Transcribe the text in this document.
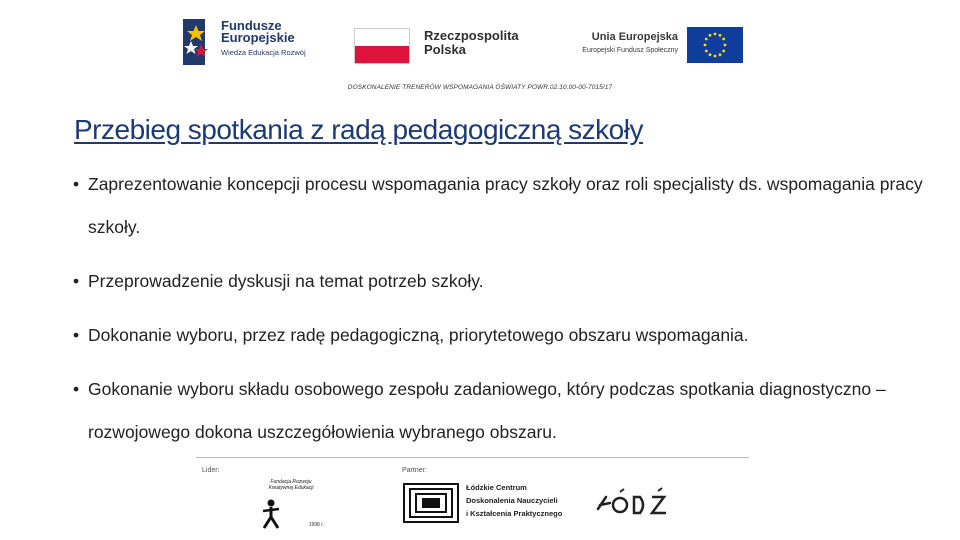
Fundusze
Europejskie
Wiedza Edukacja Rozwój
Rzeczpospolita
Polska
Unia Europejska
Europejski Fundusz Społeczny
DOSKONALENIE TRENERÓW WSPOMAGANIA OŚWIATY POWR.02.10.00-00-7015/17
Przebieg spotkania z radą pedagogiczną szkoły
• Zaprezentowanie koncepcji procesu wspomagania pracy szkoły oraz roli specjalisty ds. wspomagania pracy szkoły.
• Przeprowadzenie dyskusji na temat potrzeb szkoły.
• Dokonanie wyboru, przez radę pedagogiczną, priorytetowego obszaru wspomagania.
• Gokonanie wyboru składu osobowego zespołu zadaniowego, który podczas spotkania diagnostyczno – rozwojowego dokona uszczegółowienia wybranego obszaru.
Lider:	Partner:
Fundacja Rozwoju Kreatywnej Edukacji
1998 r.
Łódzkie Centrum
Doskonalenia Nauczycieli
i Kształcenia Praktycznego
